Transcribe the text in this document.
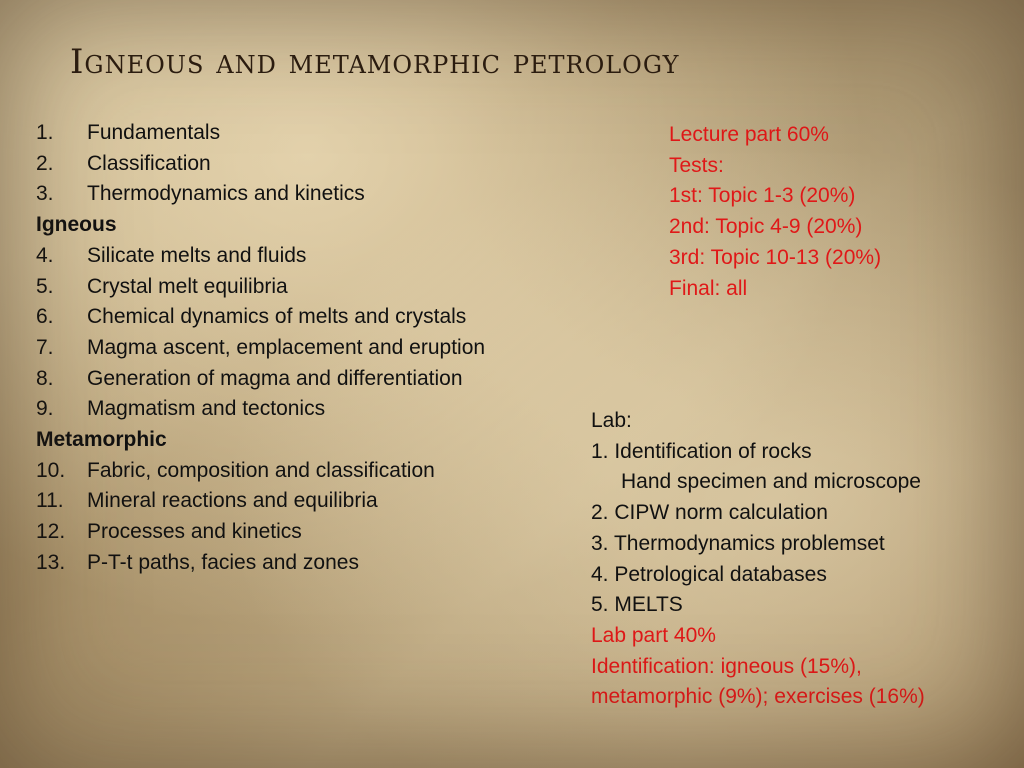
Igneous and metamorphic petrology
1. Fundamentals
2. Classification
3. Thermodynamics and kinetics
Igneous
4. Silicate melts and fluids
5. Crystal melt equilibria
6. Chemical dynamics of melts and crystals
7. Magma ascent, emplacement and eruption
8. Generation of magma and differentiation
9. Magmatism and tectonics
Metamorphic
10. Fabric, composition and classification
11. Mineral reactions and equilibria
12. Processes and kinetics
13. P-T-t paths, facies and zones
Lecture part 60%
Tests:
1st: Topic 1-3 (20%)
2nd: Topic 4-9 (20%)
3rd: Topic 10-13 (20%)
Final: all
Lab:
1. Identification of rocks
Hand specimen and microscope
2. CIPW norm calculation
3. Thermodynamics problemset
4. Petrological databases
5. MELTS
Lab part 40%
Identification: igneous (15%), metamorphic (9%); exercises (16%)
